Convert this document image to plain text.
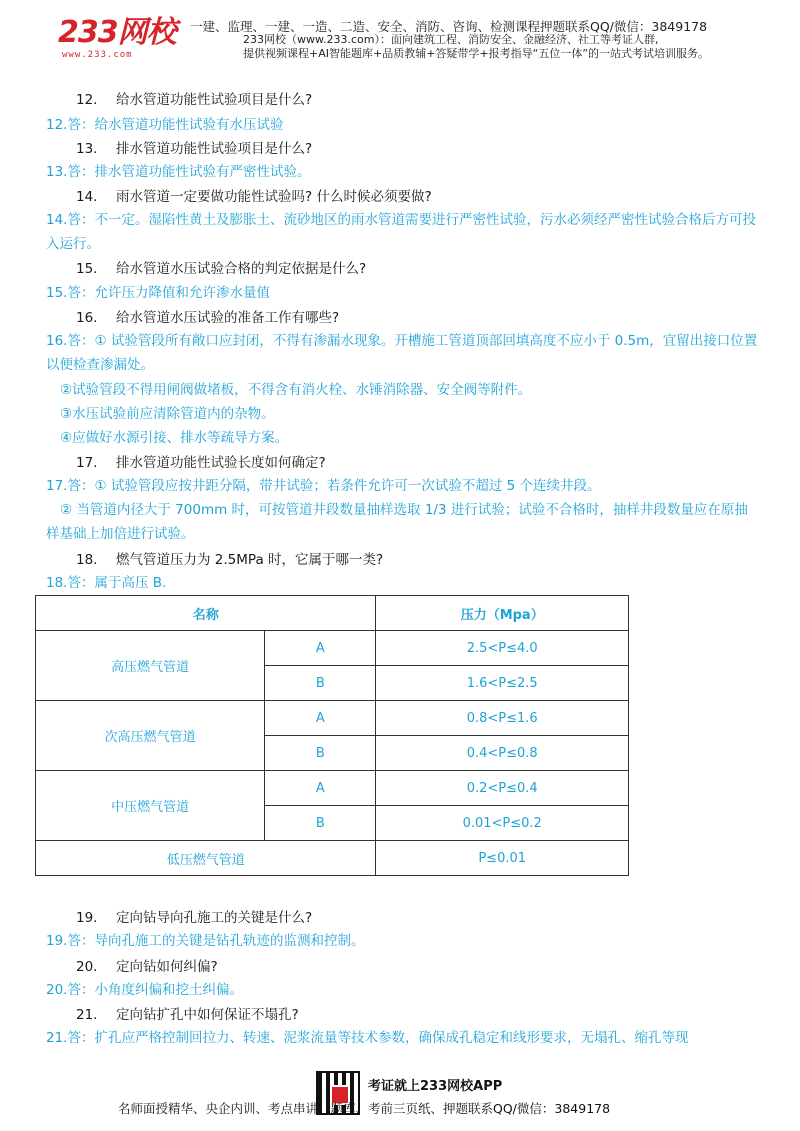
233网校
www.233.com
一建、监理、一建、一造、二造、安全、消防、咨询、检测课程押题联系QQ/微信：3849178
233网校（www.233.com）：面向建筑工程、消防安全、金融经济、社工等考证人群,
提供视频课程+AI智能题库+品质教辅+答疑带学+报考指导“五位一体”的一站式考试培训服务。
12. 给水管道功能性试验项目是什么?
12.答：给水管道功能性试验有水压试验
13. 排水管道功能性试验项目是什么?
13.答：排水管道功能性试验有严密性试验。
14. 雨水管道一定要做功能性试验吗? 什么时候必须要做?
14.答：不一定。湿陷性黄土及膨胀土、流砂地区的雨水管道需要进行严密性试验，污水必须经严密性试验合格后方可投入运行。
15. 给水管道水压试验合格的判定依据是什么?
15.答：允许压力降值和允许渗水量值
16. 给水管道水压试验的准备工作有哪些?
16.答：① 试验管段所有敞口应封闭，不得有渗漏水现象。开槽施工管道顶部回填高度不应小于 0.5m，宜留出接口位置以便检查渗漏处。
②试验管段不得用闸阀做堵板，不得含有消火栓、水锤消除器、安全阀等附件。
③水压试验前应清除管道内的杂物。
④应做好水源引接、排水等疏导方案。
17. 排水管道功能性试验长度如何确定?
17.答：① 试验管段应按井距分隔，带井试验；若条件允许可一次试验不超过 5 个连续井段。
② 当管道内径大于 700mm 时，可按管道井段数量抽样选取 1/3 进行试验；试验不合格时，抽样井段数量应在原抽样基础上加倍进行试验。
18. 燃气管道压力为 2.5MPa 时，它属于哪一类?
18.答：属于高压 B.
名称		压力（Mpa）
高压燃气管道	A	2.5<P≤4.0
	B	1.6<P≤2.5
次高压燃气管道	A	0.8<P≤1.6
	B	0.4<P≤0.8
中压燃气管道	A	0.2<P≤0.4
	B	0.01<P≤0.2
低压燃气管道		P≤0.01
19. 定向钻导向孔施工的关键是什么?
19.答：导向孔施工的关键是钻孔轨迹的监测和控制。
20. 定向钻如何纠偏?
20.答：小角度纠偏和挖土纠偏。
21. 定向钻扩孔中如何保证不塌孔?
21.答：扩孔应严格控制回拉力、转速、泥浆流量等技术参数，确保成孔稳定和线形要求，无塌孔、缩孔等现
考证就上233网校APP
名师面授精华、央企内训、考点串讲、题库、考前三页纸、押题联系QQ/微信：3849178
